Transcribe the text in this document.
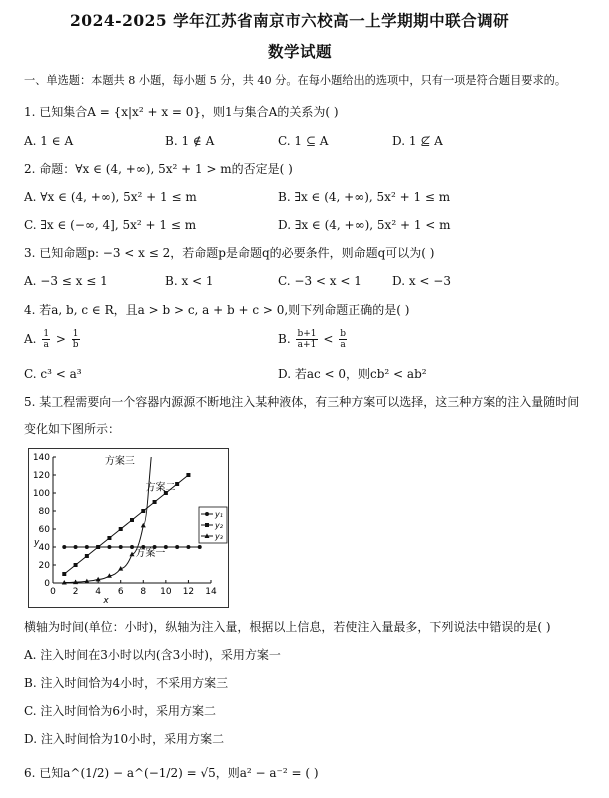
2024-2025 学年江苏省南京市六校高一上学期期中联合调研
数学试题
一、单选题：本题共 8 小题，每小题 5 分，共 40 分。在每小题给出的选项中，只有一项是符合题目要求的。
1. 已知集合A = {x|x² + x = 0}，则1与集合A的关系为( )
A. 1 ∈ A	B. 1 ∉ A	C. 1 ⊆ A	D. 1 ⊈ A
2. 命题：∀x ∈ (4, +∞), 5x² + 1 > m的否定是( )
A. ∀x ∈ (4, +∞), 5x² + 1 ≤ m	B. ∃x ∈ (4, +∞), 5x² + 1 ≤ m
C. ∃x ∈ (−∞, 4], 5x² + 1 ≤ m	D. ∃x ∈ (4, +∞), 5x² + 1 < m
3. 已知命题p: −3 < x ≤ 2，若命题p是命题q的必要条件，则命题q可以为( )
A. −3 ≤ x ≤ 1	B. x < 1	C. −3 < x < 1	D. x < −3
4. 若a, b, c ∈ R，且a > b > c, a + b + c > 0,则下列命题正确的是( )
A. $\frac{1}{a} > \frac{1}{b}$	B. $\frac{b+1}{a+1} < \frac{b}{a}$
C. c³ < a³	D. 若ac < 0，则cb² < ab²
5. 某工程需要向一个容器内源源不断地注入某种液体，有三种方案可以选择，这三种方案的注入量随时间
变化如下图所示：
0 2 4 6 8 10 12 14
0
20
40
60
80
100
120
140
x
y
y₁
y₂
y₃
方案三
方案二
方案一
横轴为时间(单位：小时)，纵轴为注入量，根据以上信息，若使注入量最多，下列说法中错误的是( )
A. 注入时间在3小时以内(含3小时)，采用方案一
B. 注入时间恰为4小时，不采用方案三
C. 注入时间恰为6小时，采用方案二
D. 注入时间恰为10小时，采用方案二
6. 已知a^(1/2) − a^(−1/2) = √5，则a² − a⁻² = ( )
